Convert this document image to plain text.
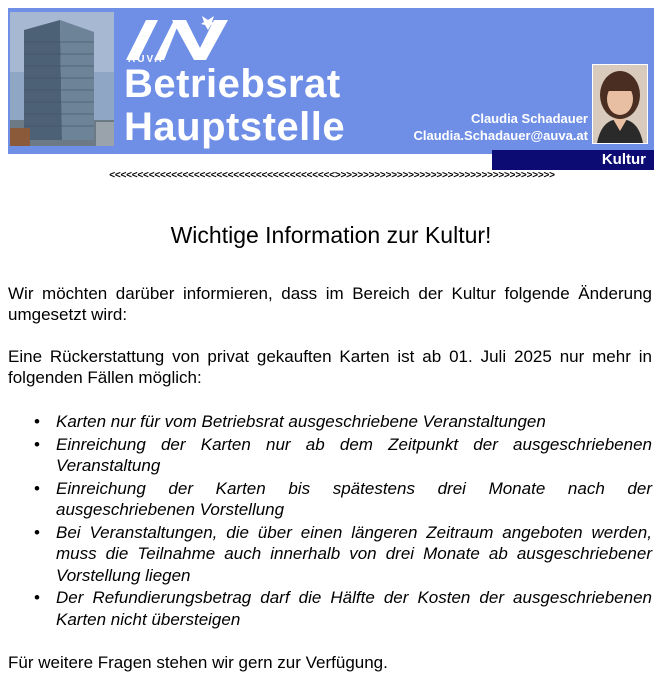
AUVA
Betriebsrat
Hauptstelle	Claudia Schadauer
Claudia.Schadauer@auva.at
Kultur
<<<<<<<<<<<<<<<<<<<<<<<<<<<<<<<<<<<<<<<<>>>>>>>>>>>>>>>>>>>>>>>>>>>>>>>>>>>>>>>
Wichtige Information zur Kultur!

Wir möchten darüber informieren, dass im Bereich der Kultur folgende Änderung umgesetzt wird:

Eine Rückerstattung von privat gekauften Karten ist ab 01. Juli 2025 nur mehr in folgenden Fällen möglich:

• Karten nur für vom Betriebsrat ausgeschriebene Veranstaltungen
• Einreichung der Karten nur ab dem Zeitpunkt der ausgeschriebenen Veranstaltung
• Einreichung der Karten bis spätestens drei Monate nach der ausgeschriebenen Vorstellung
• Bei Veranstaltungen, die über einen längeren Zeitraum angeboten werden, muss die Teilnahme auch innerhalb von drei Monate ab ausgeschriebener Vorstellung liegen
• Der Refundierungsbetrag darf die Hälfte der Kosten der ausgeschriebenen Karten nicht übersteigen

Für weitere Fragen stehen wir gern zur Verfügung.
